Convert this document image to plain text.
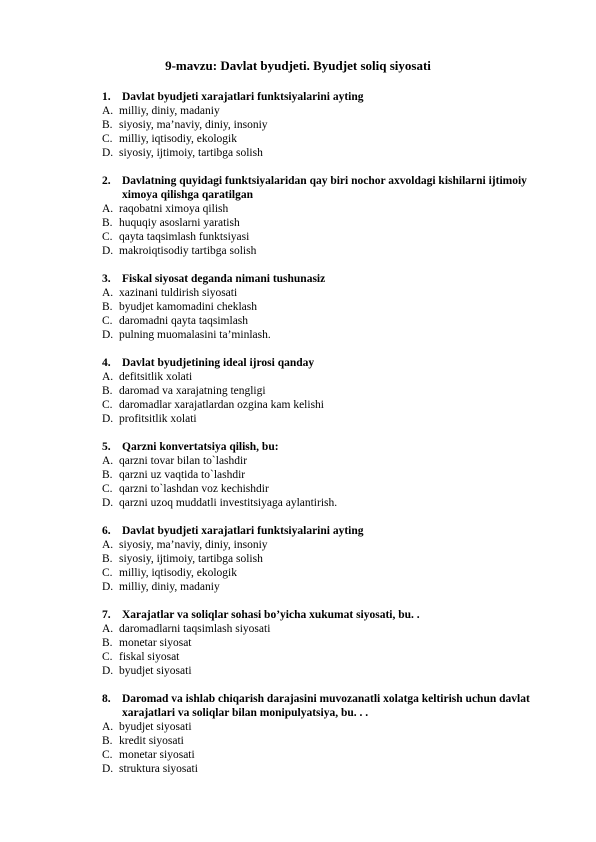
9-mavzu: Davlat byudjeti. Byudjet soliq siyosati
1. Davlat byudjeti xarajatlari funktsiyalarini ayting
A. milliy, diniy, madaniy
B. siyosiy, ma’naviy, diniy, insoniy
C. milliy, iqtisodiy, ekologik
D. siyosiy, ijtimoiy, tartibga solish
2. Davlatning quyidagi funktsiyalaridan qay biri nochor axvoldagi kishilarni ijtimoiy ximoya qilishga qaratilgan
A. raqobatni ximoya qilish
B. huquqiy asoslarni yaratish
C. qayta taqsimlash funktsiyasi
D. makroiqtisodiy tartibga solish
3. Fiskal siyosat deganda nimani tushunasiz
A. xazinani tuldirish siyosati
B. byudjet kamomadini cheklash
C. daromadni qayta taqsimlash
D. pulning muomalasini ta’minlash.
4. Davlat byudjetining ideal ijrosi qanday
A. defitsitlik xolati
B. daromad va xarajatning tengligi
C. daromadlar xarajatlardan ozgina kam kelishi
D. profitsitlik xolati
5. Qarzni konvertatsiya qilish, bu:
A. qarzni tovar bilan to`lashdir
B. qarzni uz vaqtida to`lashdir
C. qarzni to`lashdan voz kechishdir
D. qarzni uzoq muddatli investitsiyaga aylantirish.
6. Davlat byudjeti xarajatlari funktsiyalarini ayting
A. siyosiy, ma’naviy, diniy, insoniy
B. siyosiy, ijtimoiy, tartibga solish
C. milliy, iqtisodiy, ekologik
D. milliy, diniy, madaniy
7. Xarajatlar va soliqlar sohasi bo’yicha xukumat siyosati, bu. .
A. daromadlarni taqsimlash siyosati
B. monetar siyosat
C. fiskal siyosat
D. byudjet siyosati
8. Daromad va ishlab chiqarish darajasini muvozanatli xolatga keltirish uchun davlat xarajatlari va soliqlar bilan monipulyatsiya, bu. . .
A. byudjet siyosati
B. kredit siyosati
C. monetar siyosati
D. struktura siyosati
